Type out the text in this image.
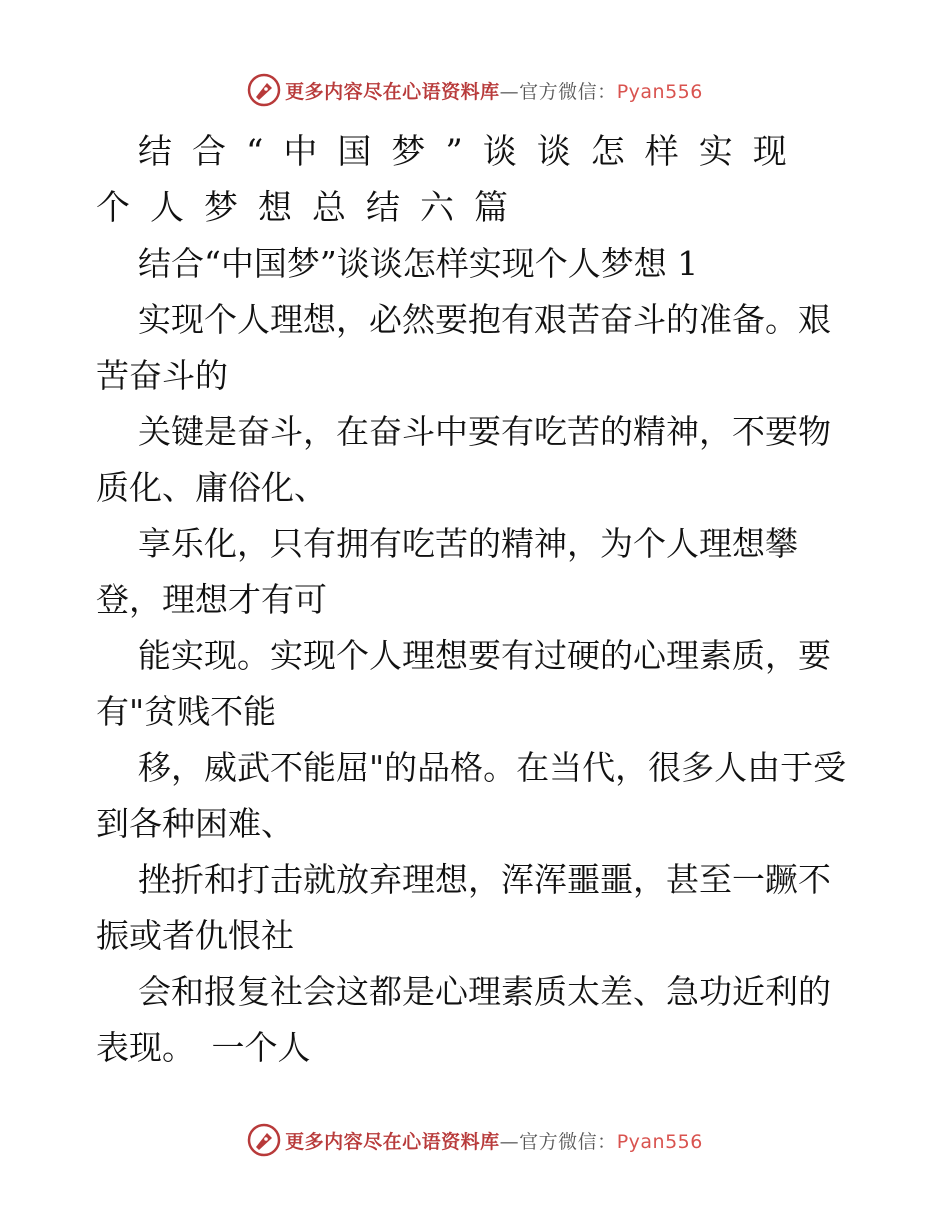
更多内容尽在心语资料库—官方微信：Pyan556
结合“中国梦”谈谈怎样实现个人梦想总结六篇

结合“中国梦”谈谈怎样实现个人梦想 1

实现个人理想，必然要抱有艰苦奋斗的准备。艰苦奋斗的

关键是奋斗，在奋斗中要有吃苦的精神，不要物质化、庸俗化、

享乐化，只有拥有吃苦的精神，为个人理想攀登，理想才有可

能实现。实现个人理想要有过硬的心理素质，要有"贫贱不能

移，威武不能屈"的品格。在当代，很多人由于受到各种困难、

挫折和打击就放弃理想，浑浑噩噩，甚至一蹶不振或者仇恨社

会和报复社会这都是心理素质太差、急功近利的表现。　一个人

更多内容尽在心语资料库—官方微信：Pyan556
